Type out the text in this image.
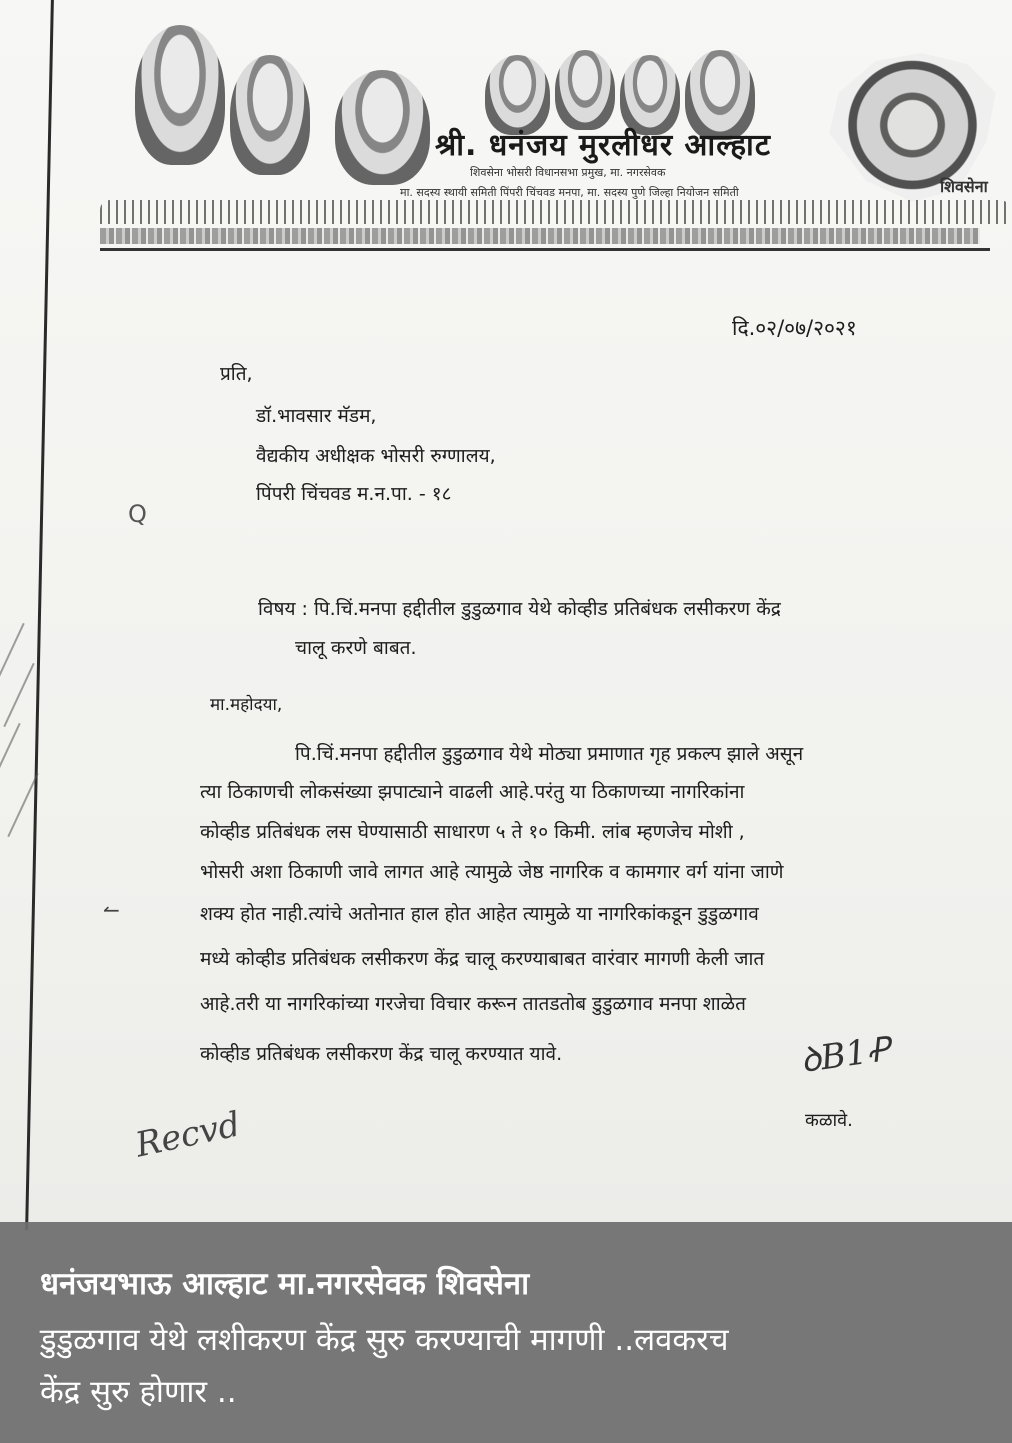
शिवसेना
श्री. धनंजय मुरलीधर आल्हाट
शिवसेना भोसरी विधानसभा प्रमुख, मा. नगरसेवक
मा. सदस्य स्थायी समिती पिंपरी चिंचवड मनपा, मा. सदस्य पुणे जिल्हा नियोजन समिती
दि.०२/०७/२०२१
प्रति,
डॉ.भावसार मॅडम,
वैद्यकीय अधीक्षक भोसरी रुग्णालय,
पिंपरी चिंचवड म.न.पा. - १८
Q
विषय : पि.चिं.मनपा हद्दीतील डुडुळगाव येथे कोव्हीड प्रतिबंधक लसीकरण केंद्र
चालू करणे बाबत.
मा.महोदया,
पि.चिं.मनपा हद्दीतील डुडुळगाव येथे मोठ्या प्रमाणात गृह प्रकल्प झाले असून
त्या ठिकाणची लोकसंख्या झपाट्याने वाढली आहे.परंतु या ठिकाणच्या नागरिकांना
कोव्हीड प्रतिबंधक लस घेण्यासाठी साधारण ५ ते १० किमी. लांब म्हणजेच मोशी ,
भोसरी अशा ठिकाणी जावे लागत आहे त्यामुळे जेष्ठ नागरिक व कामगार वर्ग यांना जाणे
शक्य होत नाही.त्यांचे अतोनात हाल होत आहेत त्यामुळे या नागरिकांकडून डुडुळगाव
मध्ये कोव्हीड प्रतिबंधक लसीकरण केंद्र चालू करण्याबाबत वारंवार मागणी केली जात
आहे.तरी या नागरिकांच्या गरजेचा विचार करून तातडतोब डुडुळगाव मनपा शाळेत
कोव्हीड प्रतिबंधक लसीकरण केंद्र चालू करण्यात यावे.
↼
ꝺB1Ꝓ
कळावे.
Recvd
धनंजयभाऊ आल्हाट मा.नगरसेवक शिवसेना
डुडुळगाव येथे लशीकरण केंद्र सुरु करण्याची मागणी ..लवकरच
केंद्र सुरु होणार ..
